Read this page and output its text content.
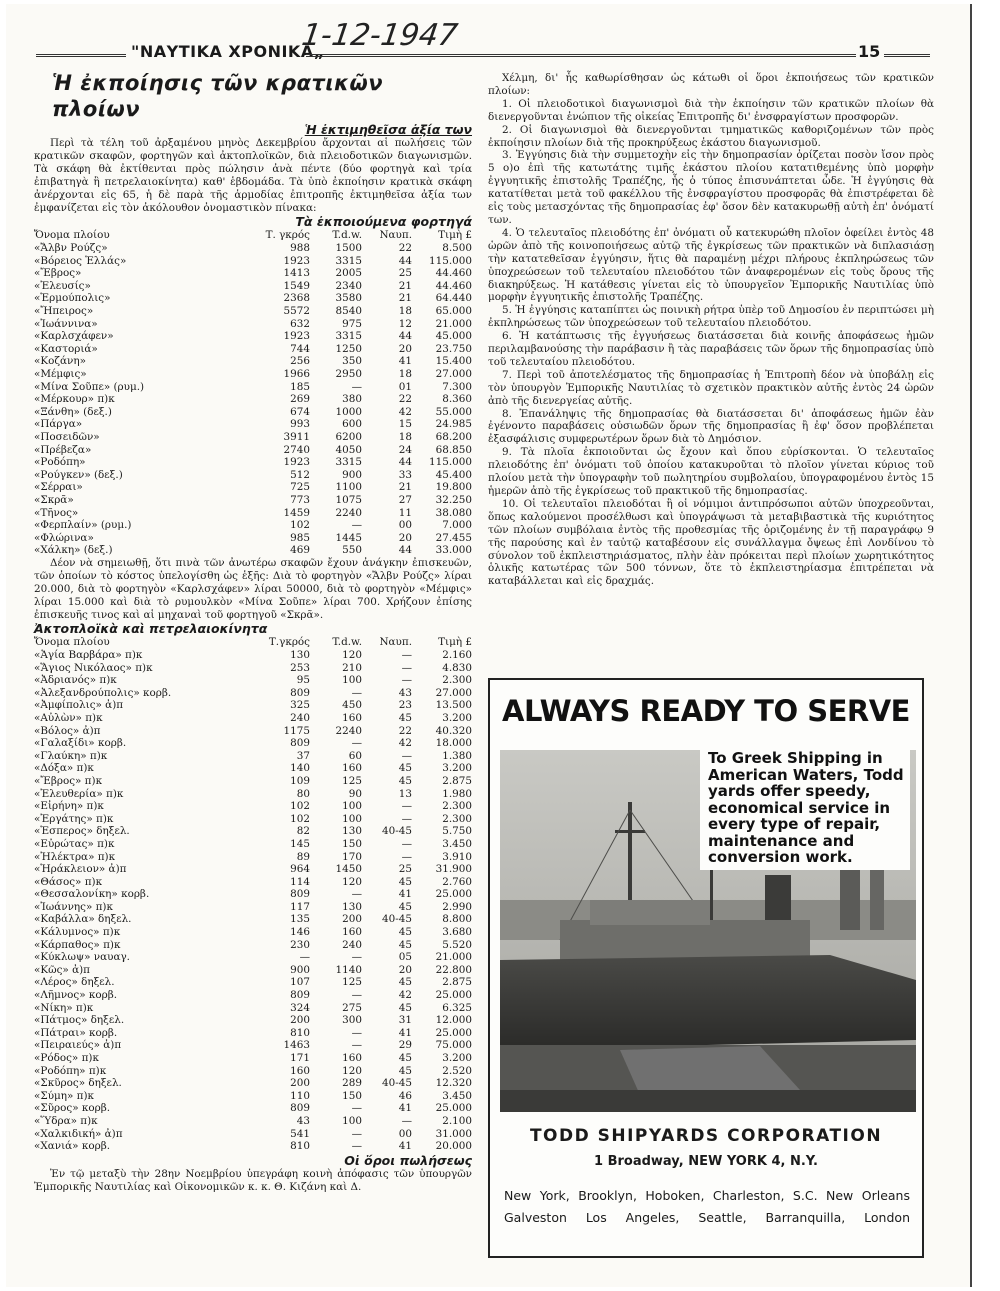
"ΝΑΥΤΙΚΑ ΧΡΟΝΙΚΑ„
1-12-1947	15
Ἡ ἐκποίησις τῶν κρατικῶν πλοίων
Ἡ ἐκτιμηθεῖσα ἀξία των

Περὶ τὰ τέλη τοῦ ἀρξαμένου μηνὸς Δεκεμβρίου ἄρχονται αἱ πωλήσεις τῶν κρατικῶν σκαφῶν, φορτηγῶν καὶ ἀκτοπλοϊκῶν, διὰ πλειοδοτικῶν διαγωνισμῶν. Τὰ σκάφη θὰ ἐκτίθενται πρὸς πώλησιν ἀνὰ πέντε (δύο φορτηγὰ καὶ τρία ἐπιβατηγὰ ἢ πετρελαιοκίνητα) καθ' ἑβδομάδα. Τὰ ὑπὸ ἐκποίησιν κρατικὰ σκάφη ἀνέρχονται εἰς 65, ἡ δὲ παρὰ τῆς ἁρμοδίας ἐπιτροπῆς ἐκτιμηθεῖσα ἀξία των ἐμφανίζεται εἰς τὸν ἀκόλουθον ὀνομαστικὸν πίνακα:

Τὰ ἐκποιούμενα φορτηγά
Ὄνομα πλοίου	Τ. γκρός	T.d.w.	Ναυπ.	Τιμὴ £
«Ἄλβν Ρούζς»	988	1500	22	8.500
«Βόρειος Ἑλλάς»	1923	3315	44	115.000
«Ἔβρος»	1413	2005	25	44.460
«Ἐλευσίς»	1549	2340	21	44.460
«Ἑρμούπολις»	2368	3580	21	64.440
«Ἤπειρος»	5572	8540	18	65.000
«Ἰωάννινα»	632	975	12	21.000
«Καρλσχάφεν»	1923	3315	44	45.000
«Καστοριά»	744	1250	20	23.750
«Κοζάνη»	256	350	41	15.400
«Μέμφις»	1966	2950	18	27.000
«Μίνα Σοῦπε» (ρυμ.)	185	—	01	7.300
«Μέρκουρ» π)κ	269	380	22	8.360
«Ξάνθη» (δεξ.)	674	1000	42	55.000
«Πάργα»	993	600	15	24.985
«Ποσειδῶν»	3911	6200	18	68.200
«Πρέβεζα»	2740	4050	24	68.850
«Ροδόπη»	1923	3315	44	115.000
«Ρούγκεν» (δεξ.)	512	900	33	45.400
«Σέρραι»	725	1100	21	19.800
«Σκρᾶ»	773	1075	27	32.250
«Τῆνος»	1459	2240	11	38.080
«Φερπλαίν» (ρυμ.)	102	—	00	7.000
«Φλώρινα»	985	1445	20	27.455
«Χάλκη» (δεξ.)	469	550	44	33.000

Δέον νὰ σημειωθῇ, ὅτι πινὰ τῶν ἀνωτέρω σκαφῶν ἔχουν ἀνάγκην ἐπισκευῶν, τῶν ὁποίων τὸ κόστος ὑπελογίσθη ὡς ἑξῆς: Διὰ τὸ φορτηγὸν «Ἄλβν Ρούζς» λίραι 20.000, διὰ τὸ φορτηγὸν «Καρλσχάφεν» λίραι 50000, διὰ τὸ φορτηγὸν «Μέμφις» λίραι 15.000 καὶ διὰ τὸ ρυμουλκὸν «Μίνα Σοῦπε» λίραι 700. Χρήζουν ἐπίσης ἐπισκευῆς τινος καὶ αἱ μηχαναὶ τοῦ φορτηγοῦ «Σκρᾶ».

Ἀκτοπλοϊκὰ καὶ πετρελαιοκίνητα
Ὄνομα πλοίου	Τ.γκρός	T.d.w.	Ναυπ.	Τιμὴ £
«Ἁγία Βαρβάρα» π)κ	130	120	—	2.160
«Ἅγιος Νικόλαος» π)κ	253	210	—	4.830
«Ἀδριανός» π)κ	95	100	—	2.300
«Ἀλεξανδρούπολις» κορβ.	809	—	43	27.000
«Ἀμφίπολις» ἀ)π	325	450	23	13.500
«Αὐλὼν» π)κ	240	160	45	3.200
«Βόλος» ἀ)π	1175	2240	22	40.320
«Γαλαξίδι» κορβ.	809	—	42	18.000
«Γλαύκη» π)κ	37	60	—	1.380
«Δόξα» π)κ	140	160	45	3.200
«Ἔβρος» π)κ	109	125	45	2.875
«Ἐλευθερία» π)κ	80	90	13	1.980
«Εἰρήνη» π)κ	102	100	—	2.300
«Ἐργάτης» π)κ	102	100	—	2.300
«Ἑσπερος» δηξελ.	82	130	40-45	5.750
«Εὐρώτας» π)κ	145	150	—	3.450
«Ἠλέκτρα» π)κ	89	170	—	3.910
«Ἡράκλειον» ἀ)π	964	1450	25	31.900
«Θάσος» π)κ	114	120	45	2.760
«Θεσσαλονίκη» κορβ.	809	—	41	25.000
«Ἰωάννης» π)κ	117	130	45	2.990
«Καβάλλα» δηξελ.	135	200	40-45	8.800
«Κάλυμνος» π)κ	146	160	45	3.680
«Κάρπαθος» π)κ	230	240	45	5.520
«Κύκλωψ» ναυαγ.	—	—	05	21.000
«Κῶς» ἀ)π	900	1140	20	22.800
«Λέρος» δηξελ.	107	125	45	2.875
«Λῆμνος» κορβ.	809	—	42	25.000
«Νίκη» π)κ	324	275	45	6.325
«Πάτμος» δηξελ.	200	300	31	12.000
«Πάτραι» κορβ.	810	—	41	25.000
«Πειραιεύς» ἀ)π	1463	—	29	75.000
«Ρόδος» π)κ	171	160	45	3.200
«Ροδόπη» π)κ	160	120	45	2.520
«Σκῦρος» δηξελ.	200	289	40-45	12.320
«Σύμη» π)κ	110	150	46	3.450
«Σῦρος» κορβ.	809	—	41	25.000
«Ὕδρα» π)κ	43	100	—	2.100
«Χαλκιδική» ἀ)π	541	—	00	31.000
«Χανιά» κορβ.	810	—	41	20.000
Οἱ ὅροι πωλήσεως

Ἐν τῷ μεταξὺ τὴν 28ην Νοεμβρίου ὑπεγράφη κοινὴ ἀπόφασις τῶν ὑπουργῶν Ἐμπορικῆς Ναυτιλίας καὶ Οἰκονομικῶν κ. κ. Θ. Κιζάνη καὶ Δ.

Χέλμη, δι' ἧς καθωρίσθησαν ὡς κάτωθι οἱ ὅροι ἐκποιήσεως τῶν κρατικῶν πλοίων:

1. Οἱ πλειοδοτικοὶ διαγωνισμοὶ διὰ τὴν ἐκποίησιν τῶν κρατικῶν πλοίων θὰ διενεργοῦνται ἐνώπιον τῆς οἰκείας Ἐπιτροπῆς δι' ἐνσφραγίστων προσφορῶν.

2. Οἱ διαγωνισμοὶ θὰ διενεργοῦνται τμηματικῶς καθοριζομένων τῶν πρὸς ἐκποίησιν πλοίων διὰ τῆς προκηρύξεως ἑκάστου διαγωνισμοῦ.

3. Ἐγγύησις διὰ τὴν συμμετοχὴν εἰς τὴν δημοπρασίαν ὁρίζεται ποσὸν ἴσον πρὸς 5 ο)ο ἐπὶ τῆς κατωτάτης τιμῆς ἑκάστου πλοίου κατατιθεμένης ὑπὸ μορφὴν ἐγγυητικῆς ἐπιστολῆς Τραπέζης, ἧς ὁ τύπος ἐπισυνάπτεται ὧδε. Ἡ ἐγγύησις θὰ κατατίθεται μετὰ τοῦ φακέλλου τῆς ἐνσφραγίστου προσφορᾶς θὰ ἐπιστρέφεται δὲ εἰς τοὺς μετασχόντας τῆς δημοπρασίας ἐφ' ὅσον δὲν κατακυρωθῇ αὐτὴ ἐπ' ὀνόματί των.

4. Ὁ τελευταῖος πλειοδότης ἐπ' ὀνόματι οὗ κατεκυρώθη πλοῖον ὀφείλει ἐντὸς 48 ὡρῶν ἀπὸ τῆς κοινοποιήσεως αὐτῷ τῆς ἐγκρίσεως τῶν πρακτικῶν νὰ διπλασιάσῃ τὴν κατατεθεῖσαν ἐγγύησιν, ἥτις θὰ παραμένῃ μέχρι πλήρους ἐκπληρώσεως τῶν ὑποχρεώσεων τοῦ τελευταίου πλειοδότου τῶν ἀναφερομένων εἰς τοὺς ὅρους τῆς διακηρύξεως. Ἡ κατάθεσις γίνεται εἰς τὸ ὑπουργεῖον Ἐμπορικῆς Ναυτιλίας ὑπὸ μορφὴν ἐγγυητικῆς ἐπιστολῆς Τραπέζης.

5. Ἡ ἐγγύησις καταπίπτει ὡς ποινικὴ ρήτρα ὑπὲρ τοῦ Δημοσίου ἐν περιπτώσει μὴ ἐκπληρώσεως τῶν ὑποχρεώσεων τοῦ τελευταίου πλειοδότου.

6. Ἡ κατάπτωσις τῆς ἐγγυήσεως διατάσσεται διὰ κοινῆς ἀποφάσεως ἡμῶν περιλαμβανούσης τὴν παράβασιν ἢ τὰς παραβάσεις τῶν ὅρων τῆς δημοπρασίας ὑπὸ τοῦ τελευταίου πλειοδότου.

7. Περὶ τοῦ ἀποτελέσματος τῆς δημοπρασίας ἡ Ἐπιτροπὴ δέον νὰ ὑποβάλῃ εἰς τὸν ὑπουργὸν Ἐμπορικῆς Ναυτιλίας τὸ σχετικὸν πρακτικὸν αὐτῆς ἐντὸς 24 ὡρῶν ἀπὸ τῆς διενεργείας αὐτῆς.

8. Ἐπανάληψις τῆς δημοπρασίας θὰ διατάσσεται δι' ἀποφάσεως ἡμῶν ἐὰν ἐγένοντο παραβάσεις οὐσιωδῶν ὅρων τῆς δημοπρασίας ἢ ἐφ' ὅσον προβλέπεται ἐξασφάλισις συμφερωτέρων ὅρων διὰ τὸ Δημόσιον.

9. Τὰ πλοῖα ἐκποιοῦνται ὡς ἔχουν καὶ ὅπου εὑρίσκονται. Ὁ τελευταῖος πλειοδότης ἐπ' ὀνόματι τοῦ ὁποίου κατακυροῦται τὸ πλοῖον γίνεται κύριος τοῦ πλοίου μετὰ τὴν ὑπογραφὴν τοῦ πωλητηρίου συμβολαίου, ὑπογραφομένου ἐντὸς 15 ἡμερῶν ἀπὸ τῆς ἐγκρίσεως τοῦ πρακτικοῦ τῆς δημοπρασίας.

10. Οἱ τελευταῖοι πλειοδόται ἢ οἱ νόμιμοι ἀντιπρόσωποι αὐτῶν ὑποχρεοῦνται, ὅπως καλούμενοι προσέλθωσι καὶ ὑπογράψωσι τὰ μεταβιβαστικὰ τῆς κυριότητος τῶν πλοίων συμβόλαια ἐντὸς τῆς προθεσμίας τῆς ὁριζομένης ἐν τῇ παραγράφῳ 9 τῆς παρούσης καὶ ἐν ταὐτῷ καταβέσουν εἰς συνάλλαγμα ὄψεως ἐπὶ Λονδίνου τὸ σύνολον τοῦ ἐκπλειστηριάσματος, πλὴν ἐὰν πρόκειται περὶ πλοίων χωρητικότητος ὁλικῆς κατωτέρας τῶν 500 τόννων, ὅτε τὸ ἐκπλειστηρίασμα ἐπιτρέπεται νὰ καταβάλλεται καὶ εἰς δραχμάς.

ALWAYS READY TO SERVE
To Greek Shipping in American Waters, Todd yards offer speedy, economical service in every type of repair, maintenance and conversion work.
TODD SHIPYARDS CORPORATION
1 Broadway, NEW YORK 4, N.Y.
New York, Brooklyn, Hoboken, Charleston, S.C. New Orleans
Galveston Los Angeles, Seattle, Barranquilla, London
